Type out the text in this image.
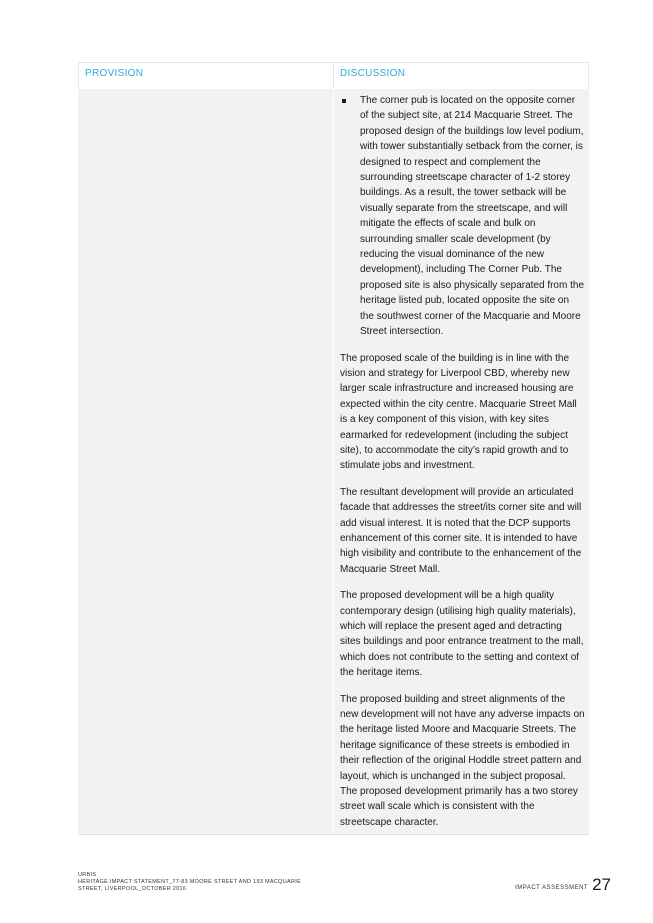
PROVISION	DISCUSSION
The corner pub is located on the opposite corner of the subject site, at 214 Macquarie Street. The proposed design of the buildings low level podium, with tower substantially setback from the corner, is designed to respect and complement the surrounding streetscape character of 1-2 storey buildings. As a result, the tower setback will be visually separate from the streetscape, and will mitigate the effects of scale and bulk on surrounding smaller scale development (by reducing the visual dominance of the new development), including The Corner Pub. The proposed site is also physically separated from the heritage listed pub, located opposite the site on the southwest corner of the Macquarie and Moore Street intersection.

The proposed scale of the building is in line with the vision and strategy for Liverpool CBD, whereby new larger scale infrastructure and increased housing are expected within the city centre. Macquarie Street Mall is a key component of this vision, with key sites earmarked for redevelopment (including the subject site), to accommodate the city’s rapid growth and to stimulate jobs and investment.

The resultant development will provide an articulated facade that addresses the street/its corner site and will add visual interest. It is noted that the DCP supports enhancement of this corner site. It is intended to have high visibility and contribute to the enhancement of the Macquarie Street Mall.

The proposed development will be a high quality contemporary design (utilising high quality materials), which will replace the present aged and detracting sites buildings and poor entrance treatment to the mall, which does not contribute to the setting and context of the heritage items.

The proposed building and street alignments of the new development will not have any adverse impacts on the heritage listed Moore and Macquarie Streets. The heritage significance of these streets is embodied in their reflection of the original Hoddle street pattern and layout, which is unchanged in the subject proposal. The proposed development primarily has a two storey street wall scale which is consistent with the streetscape character.

URBIS
HERITAGE IMPACT STATEMENT_77-83 MOORE STREET AND 193 MACQUARIE
STREET, LIVERPOOL_OCTOBER 2016	IMPACT ASSESSMENT 27
